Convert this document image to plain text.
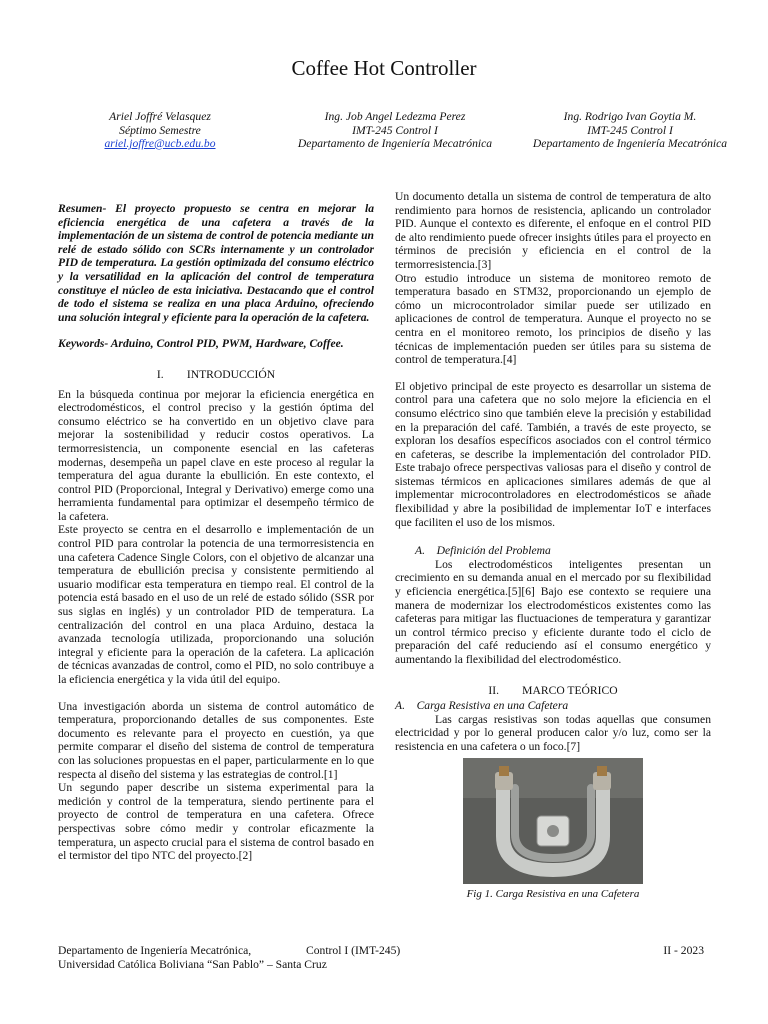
Coffee Hot Controller
Ariel Joffré Velasquez
Séptimo Semestre
ariel.joffre@ucb.edu.bo
Ing. Job Angel Ledezma Perez
IMT-245 Control I
Departamento de Ingeniería Mecatrónica
Ing. Rodrigo Ivan Goytia M.
IMT-245 Control I
Departamento de Ingeniería Mecatrónica

Resumen- El proyecto propuesto se centra en mejorar la eficiencia energética de una cafetera a través de la implementación de un sistema de control de potencia mediante un relé de estado sólido con SCRs internamente y un controlador PID de temperatura. La gestión optimizada del consumo eléctrico y la versatilidad en la aplicación del control de temperatura constituye el núcleo de esta iniciativa. Destacando que el control de todo el sistema se realiza en una placa Arduino, ofreciendo una solución integral y eficiente para la operación de la cafetera.

Keywords- Arduino, Control PID, PWM, Hardware, Coffee.

I.  INTRODUCCIÓN

En la búsqueda continua por mejorar la eficiencia energética en electrodomésticos, el control preciso y la gestión óptima del consumo eléctrico se ha convertido en un objetivo clave para mejorar la sostenibilidad y reducir costos operativos. La termorresistencia, un componente esencial en las cafeteras modernas, desempeña un papel clave en este proceso al regular la temperatura del agua durante la ebullición. En este contexto, el control PID (Proporcional, Integral y Derivativo) emerge como una herramienta fundamental para optimizar el desempeño térmico de la cafetera.

Este proyecto se centra en el desarrollo e implementación de un control PID para controlar la potencia de una termorresistencia en una cafetera Cadence Single Colors, con el objetivo de alcanzar una temperatura de ebullición precisa y consistente permitiendo al usuario modificar esta temperatura en tiempo real. El control de la potencia está basado en el uso de un relé de estado sólido (SSR por sus siglas en inglés) y un controlador PID de temperatura. La centralización del control en una placa Arduino, destaca la avanzada tecnología utilizada, proporcionando una solución integral y eficiente para la operación de la cafetera. La aplicación de técnicas avanzadas de control, como el PID, no solo contribuye a la eficiencia energética y la vida útil del equipo.

Una investigación aborda un sistema de control automático de temperatura, proporcionando detalles de sus componentes. Este documento es relevante para el proyecto en cuestión, ya que permite comparar el diseño del sistema de control de temperatura con las soluciones propuestas en el paper, particularmente en lo que respecta al diseño del sistema y las estrategias de control.[1]

Un segundo paper describe un sistema experimental para la medición y control de la temperatura, siendo pertinente para el proyecto de control de temperatura en una cafetera. Ofrece perspectivas sobre cómo medir y controlar eficazmente la temperatura, un aspecto crucial para el sistema de control basado en el termistor del tipo NTC del proyecto.[2]

Un documento detalla un sistema de control de temperatura de alto rendimiento para hornos de resistencia, aplicando un controlador PID. Aunque el contexto es diferente, el enfoque en el control PID de alto rendimiento puede ofrecer insights útiles para el proyecto en términos de precisión y eficiencia en el control de la termorresistencia.[3]

Otro estudio introduce un sistema de monitoreo remoto de temperatura basado en STM32, proporcionando un ejemplo de cómo un microcontrolador similar puede ser utilizado en aplicaciones de control de temperatura. Aunque el proyecto no se centra en el monitoreo remoto, los principios de diseño y las técnicas de implementación pueden ser útiles para su sistema de control de temperatura.[4]

El objetivo principal de este proyecto es desarrollar un sistema de control para una cafetera que no solo mejore la eficiencia en el consumo eléctrico sino que también eleve la precisión y estabilidad en la preparación del café. También, a través de este proyecto, se exploran los desafíos específicos asociados con el control térmico en cafeteras, se describe la implementación del controlador PID. Este trabajo ofrece perspectivas valiosas para el diseño y control de sistemas térmicos en aplicaciones similares además de que al implementar microcontroladores en electrodomésticos se añade flexibilidad y abre la posibilidad de implementar IoT e interfaces que faciliten el uso de los mismos.

A. Definición del Problema

Los electrodomésticos inteligentes presentan un crecimiento en su demanda anual en el mercado por su flexibilidad y eficiencia energética.[5][6] Bajo ese contexto se requiere una manera de modernizar los electrodomésticos existentes como las cafeteras para mitigar las fluctuaciones de temperatura y garantizar un control térmico preciso y eficiente durante todo el ciclo de preparación del café reduciendo así el consumo energético y aumentando la flexibilidad del electrodoméstico.

II.  MARCO TEÓRICO
A. Carga Resistiva en una Cafetera

Las cargas resistivas son todas aquellas que consumen electricidad y por lo general producen calor y/o luz, como ser la resistencia en una cafetera o un foco.[7]

Fig 1. Carga Resistiva en una Cafetera
Departamento de Ingeniería Mecatrónica,	Control I (IMT-245)	II - 2023
Universidad Católica Boliviana “San Pablo” – Santa Cruz
